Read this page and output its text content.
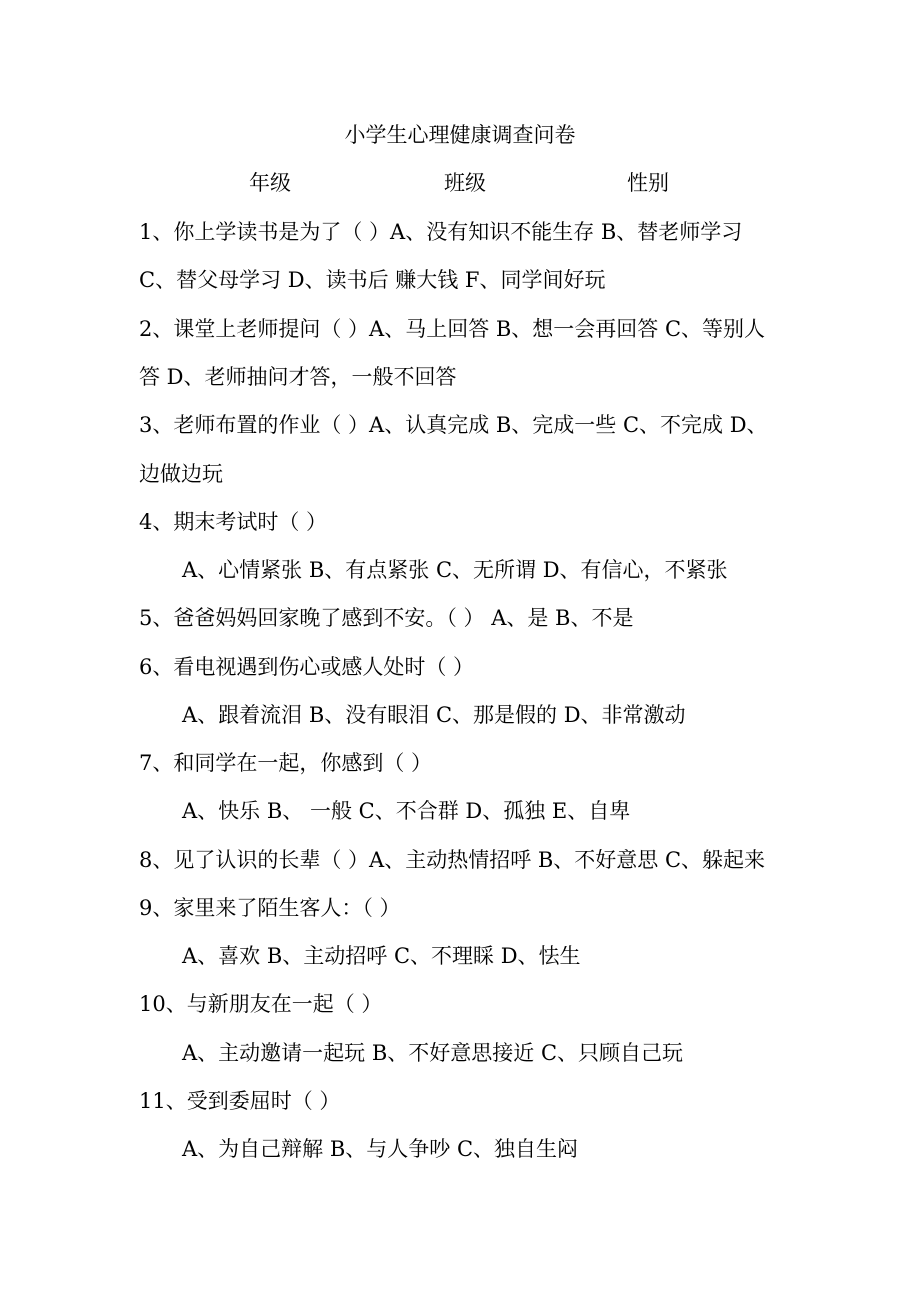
小学生心理健康调查问卷
年级	班级	性别
1、你上学读书是为了（ ）A、没有知识不能生存 B、替老师学习
C、替父母学习 D、读书后 赚大钱 F、同学间好玩
2、课堂上老师提问（ ）A、马上回答 B、想一会再回答 C、等别人
答 D、老师抽问才答，一般不回答
3、老师布置的作业（ ）A、认真完成 B、完成一些 C、不完成 D、
边做边玩
4、期末考试时（ ）
A、心情紧张 B、有点紧张 C、无所谓 D、有信心，不紧张
5、爸爸妈妈回家晚了感到不安。（ ） A、是 B、不是
6、看电视遇到伤心或感人处时（ ）
A、跟着流泪 B、没有眼泪 C、那是假的 D、非常激动
7、和同学在一起，你感到（ ）
A、快乐 B、 一般 C、不合群 D、孤独 E、自卑
8、见了认识的长辈（ ）A、主动热情招呼 B、不好意思 C、躲起来
9、家里来了陌生客人：（ ）
A、喜欢 B、主动招呼 C、不理睬 D、怯生
10、与新朋友在一起（ ）
A、主动邀请一起玩 B、不好意思接近 C、只顾自己玩
11、受到委屈时（ ）
A、为自己辩解 B、与人争吵 C、独自生闷
